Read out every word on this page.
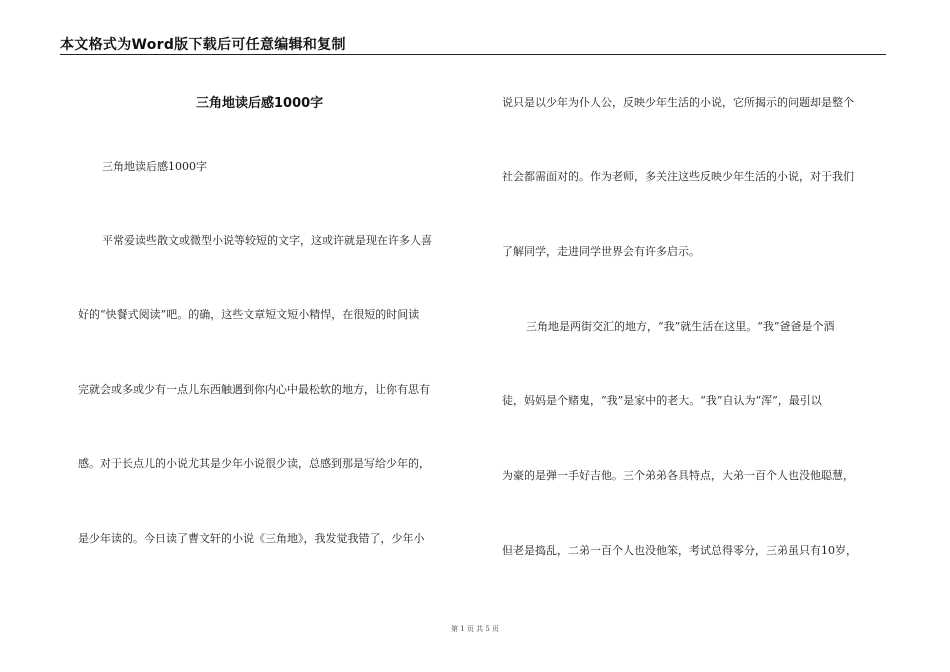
本文格式为Word版下载后可任意编辑和复制
三角地读后感1000字
三角地读后感1000字
平常爱读些散文或微型小说等较短的文字，这或许就是现在许多人喜
好的“快餐式阅读”吧。的确，这些文章短文短小精悍，在很短的时间读
完就会或多或少有一点儿东西触遇到你内心中最松软的地方，让你有思有
感。对于长点儿的小说尤其是少年小说很少读，总感到那是写给少年的，
是少年读的。今日读了曹文轩的小说《三角地》，我发觉我错了，少年小
说只是以少年为仆人公，反映少年生活的小说，它所揭示的问题却是整个
社会都需面对的。作为老师，多关注这些反映少年生活的小说，对于我们
了解同学，走进同学世界会有许多启示。
三角地是两街交汇的地方，“我”就生活在这里。“我”爸爸是个酒
徒，妈妈是个赌鬼，“我”是家中的老大。“我”自认为“浑”，最引以
为豪的是弹一手好吉他。三个弟弟各具特点，大弟一百个人也没他聪慧，
但老是捣乱，二弟一百个人也没他笨，考试总得零分，三弟虽只有10岁，
第 1 页 共 5 页
